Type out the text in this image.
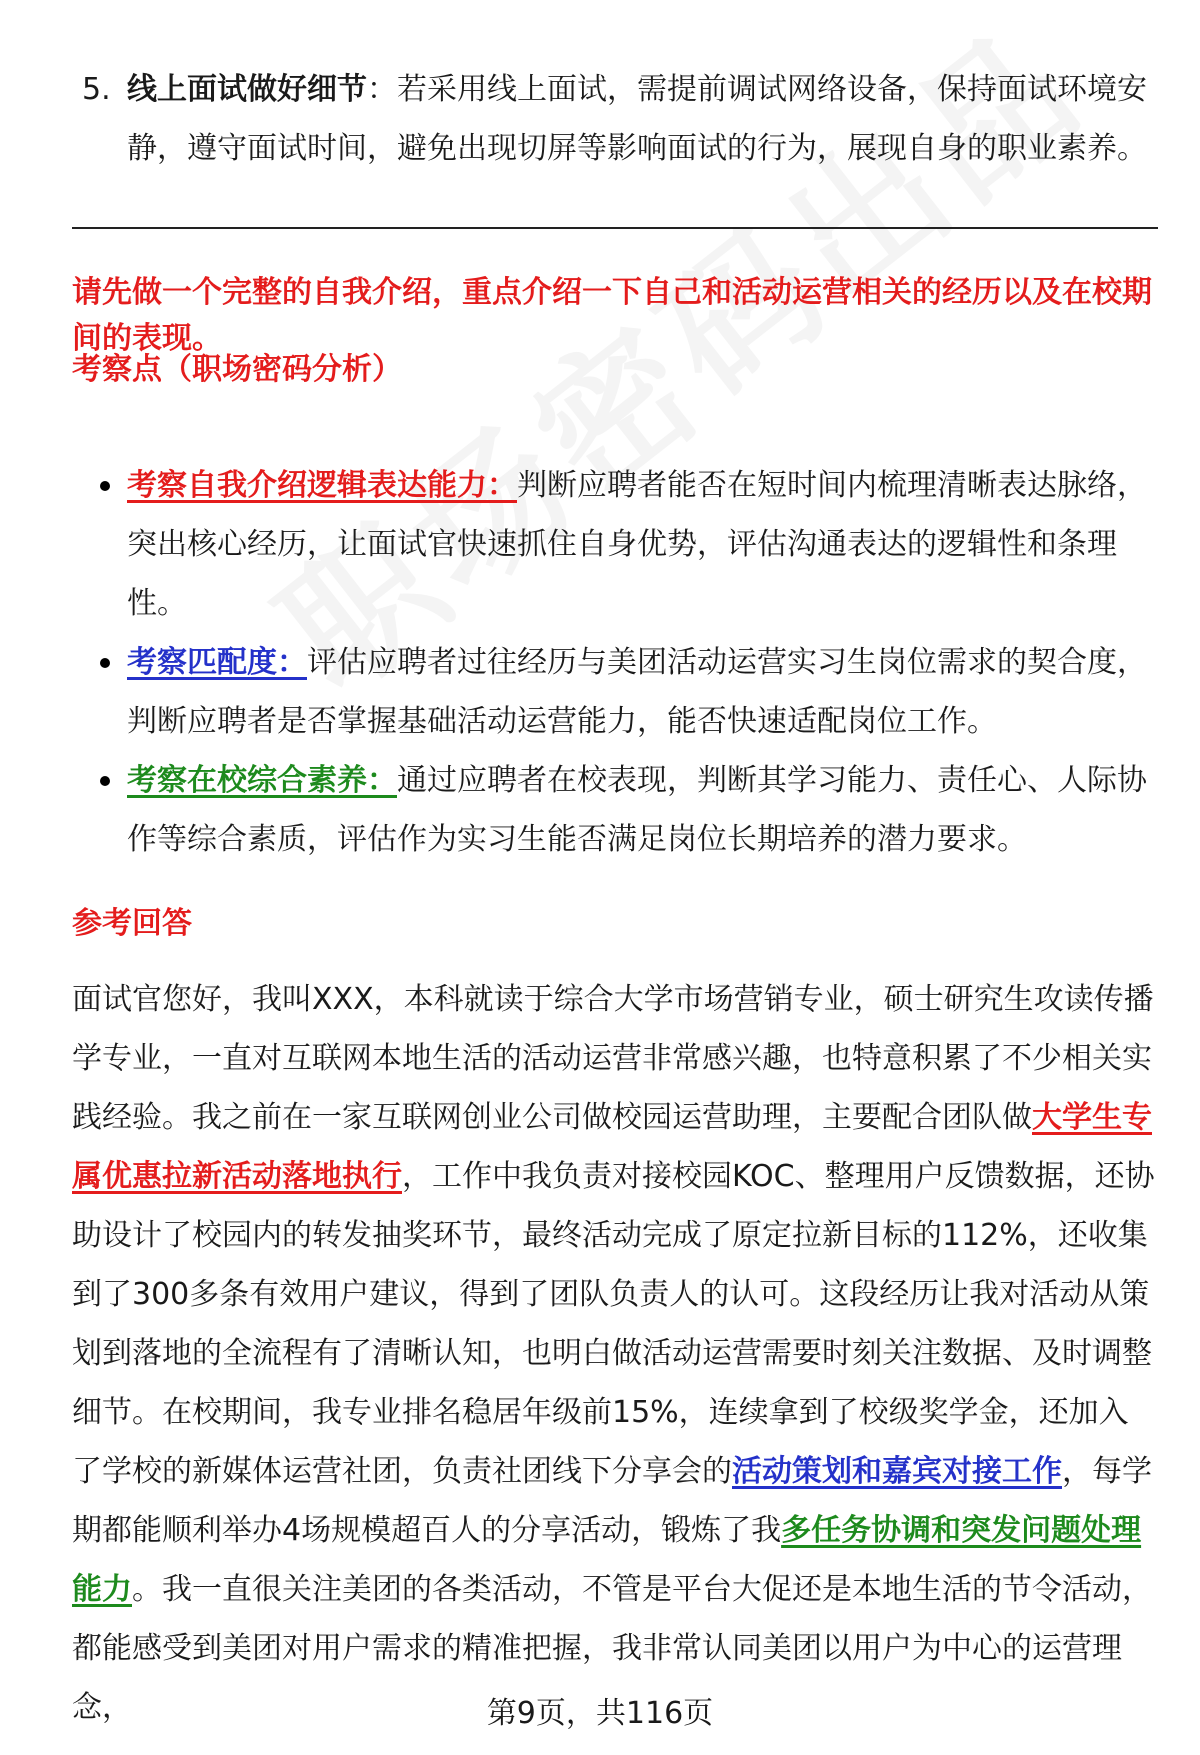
5. 线上面试做好细节：若采用线上面试，需提前调试网络设备，保持面试环境安静，遵守面试时间，避免出现切屏等影响面试的行为，展现自身的职业素养。
请先做一个完整的自我介绍，重点介绍一下自己和活动运营相关的经历以及在校期间的表现。
考察点（职场密码分析）
考察自我介绍逻辑表达能力：判断应聘者能否在短时间内梳理清晰表达脉络，突出核心经历，让面试官快速抓住自身优势，评估沟通表达的逻辑性和条理性。
考察匹配度：评估应聘者过往经历与美团活动运营实习生岗位需求的契合度，判断应聘者是否掌握基础活动运营能力，能否快速适配岗位工作。
考察在校综合素养：通过应聘者在校表现，判断其学习能力、责任心、人际协作等综合素质，评估作为实习生能否满足岗位长期培养的潜力要求。
参考回答
面试官您好，我叫XXX，本科就读于综合大学市场营销专业，硕士研究生攻读传播学专业，一直对互联网本地生活的活动运营非常感兴趣，也特意积累了不少相关实践经验。我之前在一家互联网创业公司做校园运营助理，主要配合团队做大学生专属优惠拉新活动落地执行，工作中我负责对接校园KOC、整理用户反馈数据，还协助设计了校园内的转发抽奖环节，最终活动完成了原定拉新目标的112%，还收集到了300多条有效用户建议，得到了团队负责人的认可。这段经历让我对活动从策划到落地的全流程有了清晰认知，也明白做活动运营需要时刻关注数据、及时调整细节。在校期间，我专业排名稳居年级前15%，连续拿到了校级奖学金，还加入了学校的新媒体运营社团，负责社团线下分享会的活动策划和嘉宾对接工作，每学期都能顺利举办4场规模超百人的分享活动，锻炼了我多任务协调和突发问题处理能力。我一直很关注美团的各类活动，不管是平台大促还是本地生活的节令活动，都能感受到美团对用户需求的精准把握，我非常认同美团以用户为中心的运营理念，	第9页，共116页
